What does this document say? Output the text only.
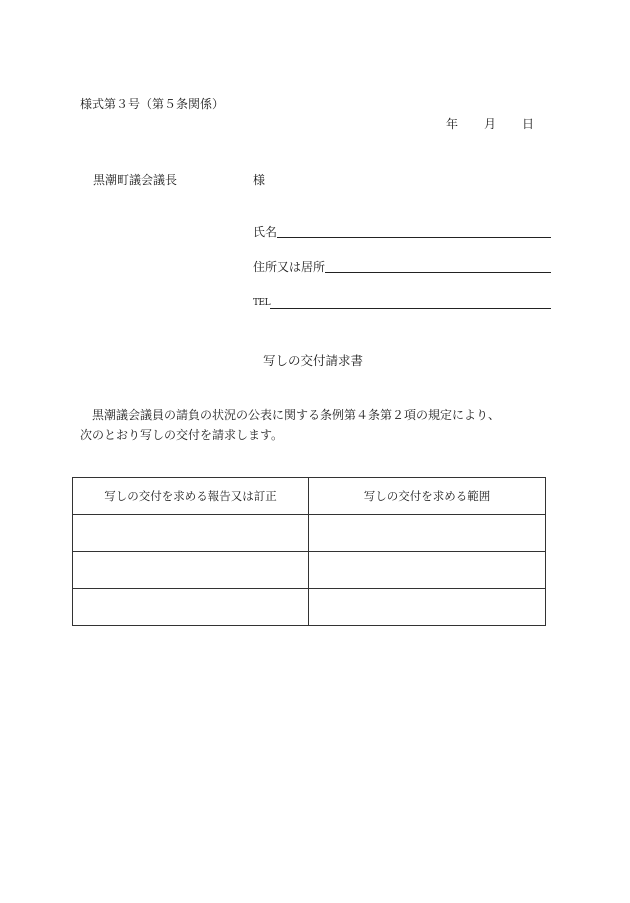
様式第３号（第５条関係）
年 月 日
黒潮町議会議長	様
氏名
住所又は居所
TEL
写しの交付請求書
黒潮議会議員の請負の状況の公表に関する条例第４条第２項の規定により、
次のとおり写しの交付を請求します。
写しの交付を求める報告又は訂正	写しの交付を求める範囲
